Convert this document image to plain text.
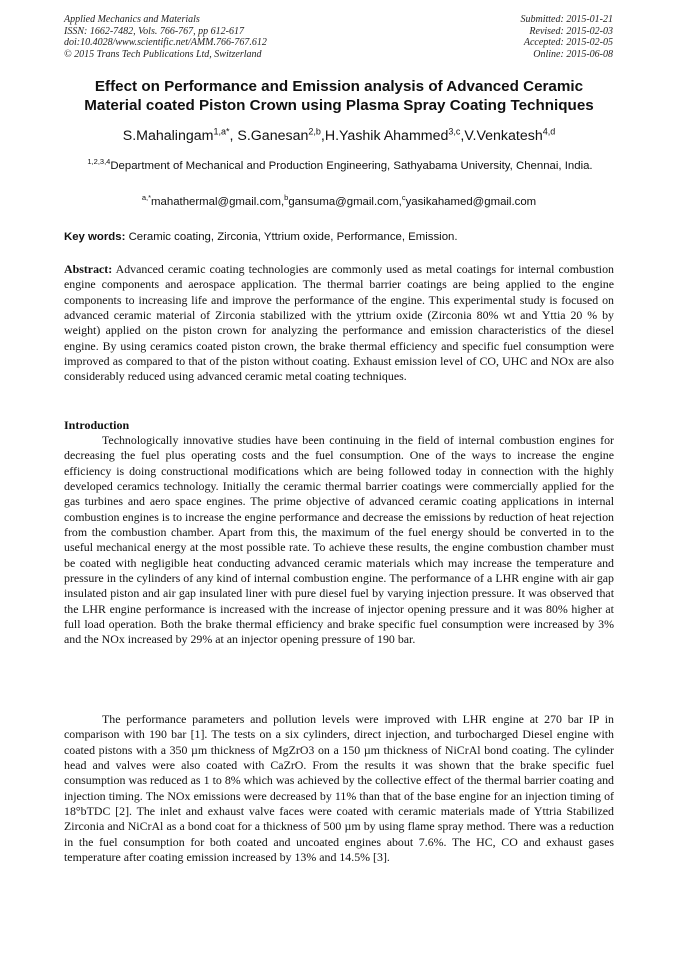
Applied Mechanics and Materials
ISSN: 1662-7482, Vols. 766-767, pp 612-617
doi:10.4028/www.scientific.net/AMM.766-767.612
© 2015 Trans Tech Publications Ltd, Switzerland
Submitted: 2015-01-21
Revised: 2015-02-03
Accepted: 2015-02-05
Online: 2015-06-08
Effect on Performance and Emission analysis of Advanced Ceramic
Material coated Piston Crown using Plasma Spray Coating Techniques
S.Mahalingam$^{1,a*}$, S.Ganesan$^{2,b}$,H.Yashik Ahammed$^{3,c}$,V.Venkatesh$^{4,d}$
$^{1,2,3,4}$Department of Mechanical and Production Engineering, Sathyabama University, Chennai, India.
$^{a,*}$mahathermal@gmail.com,$^b$gansuma@gmail.com,$^c$yasikahamed@gmail.com
Key words: Ceramic coating, Zirconia, Yttrium oxide, Performance, Emission.
Abstract: Advanced ceramic coating technologies are commonly used as metal coatings for internal combustion engine components and aerospace application. The thermal barrier coatings are being applied to the engine components to increasing life and improve the performance of the engine. This experimental study is focused on advanced ceramic material of Zirconia stabilized with the yttrium oxide (Zirconia 80% wt and Yttia 20 % by weight) applied on the piston crown for analyzing the performance and emission characteristics of the diesel engine. By using ceramics coated piston crown, the brake thermal efficiency and specific fuel consumption were improved as compared to that of the piston without coating. Exhaust emission level of CO, UHC and NOx are also considerably reduced using advanced ceramic metal coating techniques.
Introduction
Technologically innovative studies have been continuing in the field of internal combustion engines for decreasing the fuel plus operating costs and the fuel consumption. One of the ways to increase the engine efficiency is doing constructional modifications which are being followed today in connection with the highly developed ceramics technology. Initially the ceramic thermal barrier coatings were commercially applied for the gas turbines and aero space engines. The prime objective of advanced ceramic coating applications in internal combustion engines is to increase the engine performance and decrease the emissions by reduction of heat rejection from the combustion chamber. Apart from this, the maximum of the fuel energy should be converted in to the useful mechanical energy at the most possible rate. To achieve these results, the engine combustion chamber must be coated with negligible heat conducting advanced ceramic materials which may increase the temperature and pressure in the cylinders of any kind of internal combustion engine. The performance of a LHR engine with air gap insulated piston and air gap insulated liner with pure diesel fuel by varying injection pressure. It was observed that the LHR engine performance is increased with the increase of injector opening pressure and it was 80% higher at full load operation. Both the brake thermal efficiency and brake specific fuel consumption were increased by 3% and the NOx increased by 29% at an injector opening pressure of 190 bar.
The performance parameters and pollution levels were improved with LHR engine at 270 bar IP in comparison with 190 bar [1]. The tests on a six cylinders, direct injection, and turbocharged Diesel engine with coated pistons with a 350 µm thickness of MgZrO3 on a 150 µm thickness of NiCrAl bond coating. The cylinder head and valves were also coated with CaZrO. From the results it was shown that the brake specific fuel consumption was reduced as 1 to 8% which was achieved by the collective effect of the thermal barrier coating and injection timing. The NOx emissions were decreased by 11% than that of the base engine for an injection timing of 18°bTDC [2]. The inlet and exhaust valve faces were coated with ceramic materials made of Yttria Stabilized Zirconia and NiCrAl as a bond coat for a thickness of 500 µm by using flame spray method. There was a reduction in the fuel consumption for both coated and uncoated engines about 7.6%. The HC, CO and exhaust gases temperature after coating emission increased by 13% and 14.5% [3].
